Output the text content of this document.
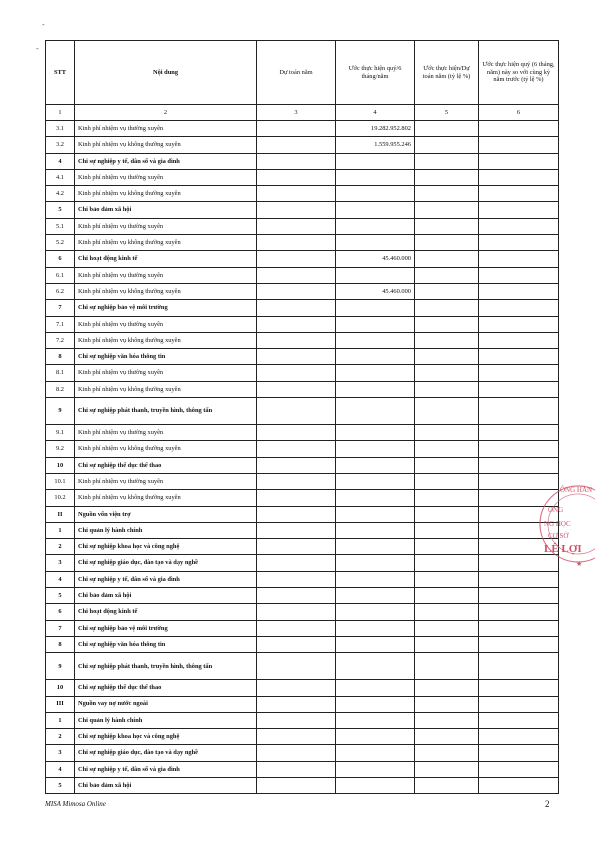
-
-
STT	Nội dung	Dự toán năm	Ước thực hiện quý/6 tháng/năm	Ước thực hiện/Dự toán năm (tỷ lệ %)	Ước thực hiện quý (6 tháng, năm) này so với cùng kỳ năm trước (tỷ lệ %)
1	2	3	4	5	6
3.1	Kinh phí nhiệm vụ thường xuyên		19.282.952.802		
3.2	Kinh phí nhiệm vụ không thường xuyên		1.559.955.246		
4	Chi sự nghiệp y tế, dân số và gia đình				
4.1	Kinh phí nhiệm vụ thường xuyên				
4.2	Kinh phí nhiệm vụ không thường xuyên				
5	Chi bảo đảm xã hội				
5.1	Kinh phí nhiệm vụ thường xuyên				
5.2	Kinh phí nhiệm vụ không thường xuyên				
6	Chi hoạt động kinh tế		45.460.000		
6.1	Kinh phí nhiệm vụ thường xuyên				
6.2	Kinh phí nhiệm vụ không thường xuyên		45.460.000		
7	Chi sự nghiệp bảo vệ môi trường				
7.1	Kinh phí nhiệm vụ thường xuyên				
7.2	Kinh phí nhiệm vụ không thường xuyên				
8	Chi sự nghiệp văn hóa thông tin				
8.1	Kinh phí nhiệm vụ thường xuyên				
8.2	Kinh phí nhiệm vụ không thường xuyên				
9	Chi sự nghiệp phát thanh, truyền hình, thông tấn				
9.1	Kinh phí nhiệm vụ thường xuyên				
9.2	Kinh phí nhiệm vụ không thường xuyên				
10	Chi sự nghiệp thể dục thể thao				
10.1	Kinh phí nhiệm vụ thường xuyên				
10.2	Kinh phí nhiệm vụ không thường xuyên				
II	Nguồn vốn viện trợ				
1	Chi quản lý hành chính				
2	Chi sự nghiệp khoa học và công nghệ				
3	Chi sự nghiệp giáo dục, đào tạo và dạy nghề				
4	Chi sự nghiệp y tế, dân số và gia đình				
5	Chi bảo đảm xã hội				
6	Chi hoạt động kinh tế				
7	Chi sự nghiệp bảo vệ môi trường				
8	Chi sự nghiệp văn hóa thông tin				
9	Chi sự nghiệp phát thanh, truyền hình, thông tấn				
10	Chi sự nghiệp thể dục thể thao				
III	Nguồn vay nợ nước ngoài				
1	Chi quản lý hành chính				
2	Chi sự nghiệp khoa học và công nghệ				
3	Chi sự nghiệp giáo dục, đào tạo và dạy nghề				
4	Chi sự nghiệp y tế, dân số và gia đình				
5	Chi bảo đảm xã hội				
ÔNG HÀN
ONG
NG HỌC
CƠ SỞ
LÊ LỢI
★
MISA Mimosa Online	2
